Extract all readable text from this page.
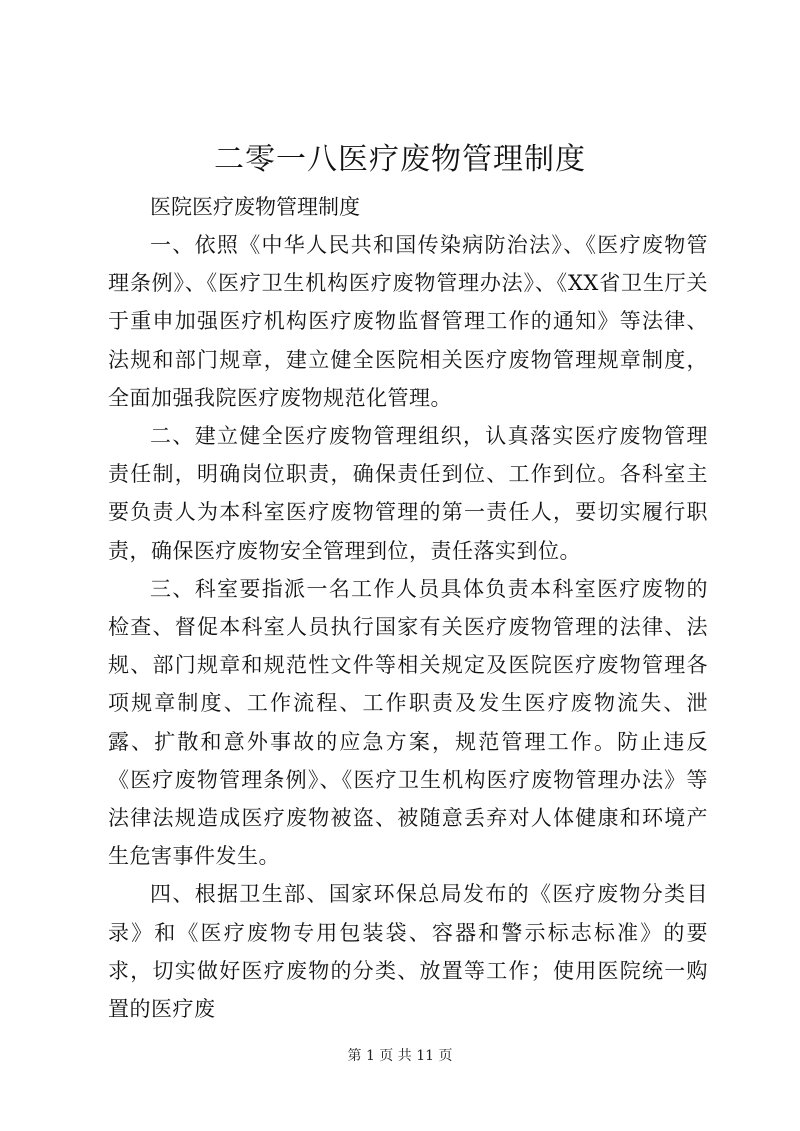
二零一八医疗废物管理制度

医院医疗废物管理制度

一、依照《中华人民共和国传染病防治法》、《医疗废物管理条例》、《医疗卫生机构医疗废物管理办法》、《XX省卫生厅关于重申加强医疗机构医疗废物监督管理工作的通知》等法律、法规和部门规章，建立健全医院相关医疗废物管理规章制度，全面加强我院医疗废物规范化管理。

二、建立健全医疗废物管理组织，认真落实医疗废物管理责任制，明确岗位职责，确保责任到位、工作到位。各科室主要负责人为本科室医疗废物管理的第一责任人，要切实履行职责，确保医疗废物安全管理到位，责任落实到位。

三、科室要指派一名工作人员具体负责本科室医疗废物的检查、督促本科室人员执行国家有关医疗废物管理的法律、法规、部门规章和规范性文件等相关规定及医院医疗废物管理各项规章制度、工作流程、工作职责及发生医疗废物流失、泄露、扩散和意外事故的应急方案，规范管理工作。防止违反《医疗废物管理条例》、《医疗卫生机构医疗废物管理办法》等法律法规造成医疗废物被盗、被随意丢弃对人体健康和环境产生危害事件发生。

四、根据卫生部、国家环保总局发布的《医疗废物分类目录》和《医疗废物专用包装袋、容器和警示标志标准》的要求，切实做好医疗废物的分类、放置等工作；使用医院统一购置的医疗废

第 1 页 共 11 页
